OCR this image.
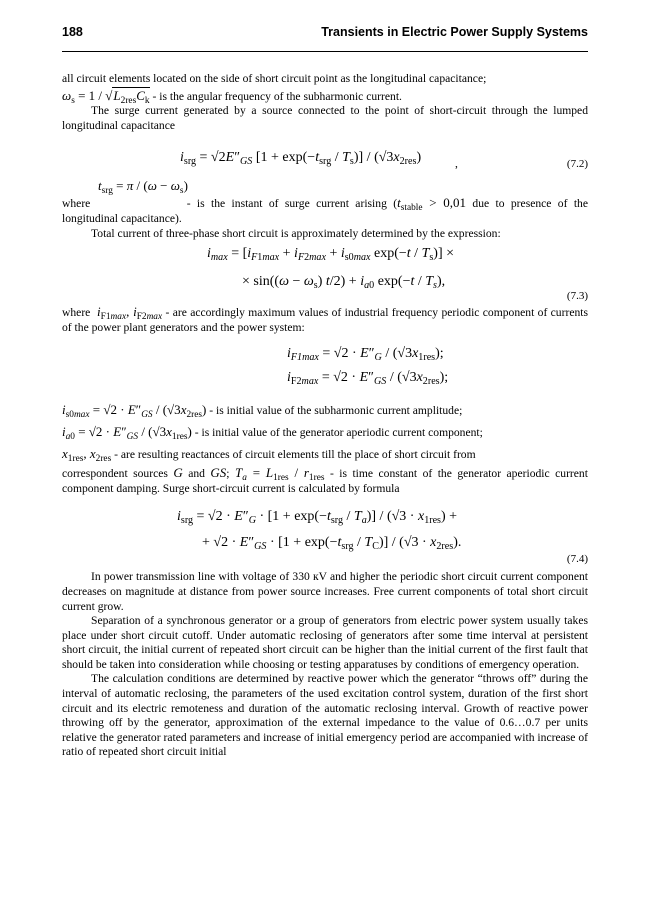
188	Transients in Electric Power Supply Systems

all circuit elements located on the side of short circuit point as the longitudinal capacitance;

$\omega_s = 1 / √L_{2res}C_k$ - is the angular frequency of the subharmonic current.

The surge current generated by a source connected to the point of short-circuit through the lumped longitudinal capacitance

$i_{srg} = √2E''_{GS}$ $[1 + \exp(-t_{srg} / T_s)] / (√3x_{2res})$	,	(7.2)
$t_{srg} = \pi / (\omega - \omega_s)$

where	- is the instant of surge current arising ($t_{stable} > 0,01$ due to presence of the longitudinal capacitance).

Total current of three-phase short circuit is approximately determined by the expression:

$i_{max} = [i_{F1max} + i_{F2max} + i_{s0max}$ $\exp(-t / T_s)$] ×
× $\sin((\omega - \omega_s)$ $t/2) + i_{a0}$ $\exp(-t / T_s)$,
(7.3)

where $i_{F1max}$, $i_{F2max}$ - are accordingly maximum values of industrial frequency periodic component of currents of the power plant generators and the power system:

$i_{F1max} = √2 \cdot E''_G / (√3x_{1res})$;
$i_{F2max} = √2 \cdot E''_{GS} / (√3x_{2res})$;

$i_{s0max} = √2 \cdot E''_{GS} / (√3x_{2res})$ - is initial value of the subharmonic current amplitude;

$i_{a0} = √2 \cdot E''_{GS} / (√3x_{1res})$ - is initial value of the generator aperiodic current component;

$x_{1res}$, $x_{2res}$ - are resulting reactances of circuit elements till the place of short circuit from

correspondent sources G and GS; $T_a = L_{1res} / r_{1res}$ - is time constant of the generator aperiodic current component damping. Surge short-circuit current is calculated by formula

$i_{srg} = √2 \cdot E''_G \cdot [1 + \exp(-t_{srg} / T_a)] / (√3 \cdot x_{1res})$ +
+ $√2 \cdot E''_{GS} \cdot [1 + \exp(-t_{srg} / T_C)] / (√3 \cdot x_{2res})$.
(7.4)

In power transmission line with voltage of 330 кV and higher the periodic short circuit current component decreases on magnitude at distance from power source increases. Free current components of total short circuit current grow.

Separation of a synchronous generator or a group of generators from electric power system usually takes place under short circuit cutoff. Under automatic reclosing of generators after some time interval at persistent short circuit, the initial current of repeated short circuit can be higher than the initial current of the first fault that should be taken into consideration while choosing or testing apparatuses by conditions of emergency operation.

The calculation conditions are determined by reactive power which the generator “throws off” during the interval of automatic reclosing, the parameters of the used excitation control system, duration of the first short circuit and its electric remoteness and duration of the automatic reclosing interval. Growth of reactive power throwing off by the generator, approximation of the external impedance to the value of 0.6…0.7 per units relative the generator rated parameters and increase of initial emergency period are accompanied with increase of ratio of repeated short circuit initial
